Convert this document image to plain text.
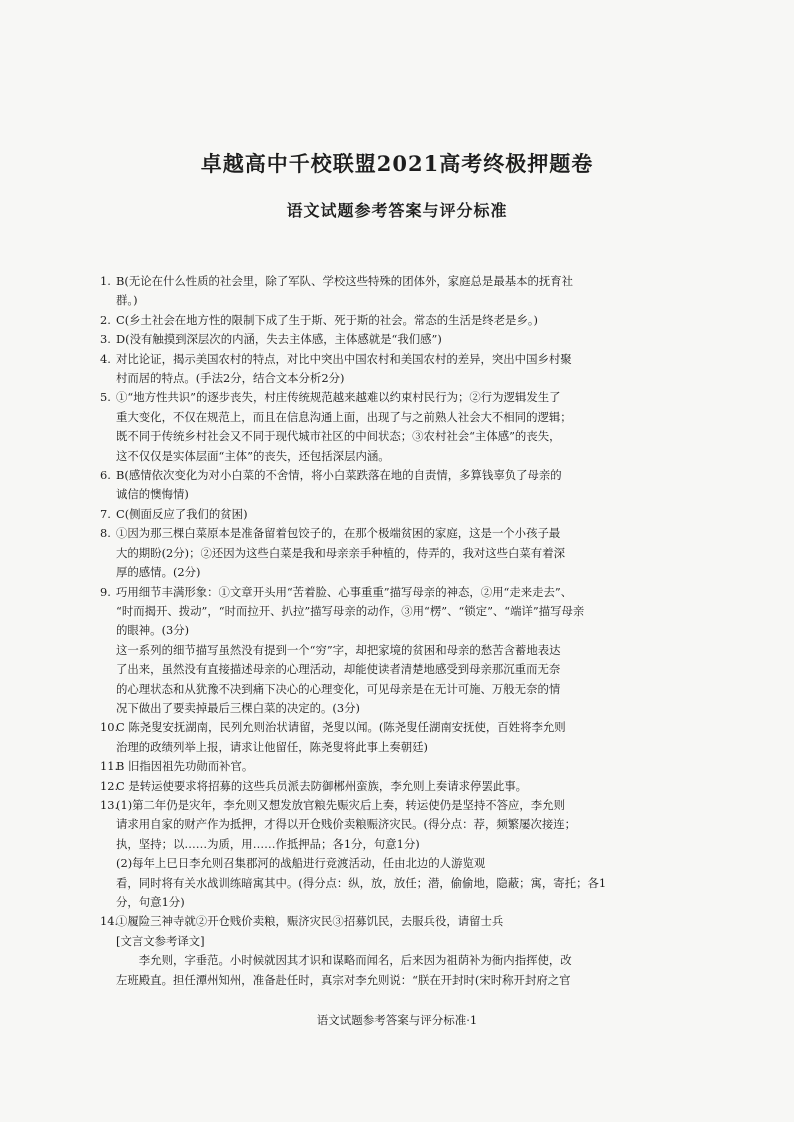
卓越高中千校联盟2021高考终极押题卷
语文试题参考答案与评分标准
1. B(无论在什么性质的社会里，除了军队、学校这些特殊的团体外，家庭总是最基本的抚育社
群。)
2. C(乡土社会在地方性的限制下成了生于斯、死于斯的社会。常态的生活是终老是乡。)
3. D(没有触摸到深层次的内涵，失去主体感，主体感就是“我们感”)
4. 对比论证，揭示美国农村的特点，对比中突出中国农村和美国农村的差异，突出中国乡村聚
村而居的特点。(手法2分，结合文本分析2分)
5. ①“地方性共识”的逐步丧失，村庄传统规范越来越难以约束村民行为；②行为逻辑发生了
重大变化，不仅在规范上，而且在信息沟通上面，出现了与之前熟人社会大不相同的逻辑；
既不同于传统乡村社会又不同于现代城市社区的中间状态；③农村社会“主体感”的丧失，
这不仅仅是实体层面“主体”的丧失，还包括深层内涵。
6. B(感情依次变化为对小白菜的不舍情，将小白菜跌落在地的自责情，多算钱辜负了母亲的
诚信的懊悔情)
7. C(侧面反应了我们的贫困)
8. ①因为那三棵白菜原本是准备留着包饺子的，在那个极端贫困的家庭，这是一个小孩子最
大的期盼(2分)；②还因为这些白菜是我和母亲亲手种植的，侍弄的，我对这些白菜有着深
厚的感情。(2分)
9. 巧用细节丰满形象：①文章开头用“苦着脸、心事重重”描写母亲的神态，②用“走来走去”、
“时而揭开、拨动”，“时而拉开、扒拉”描写母亲的动作，③用“楞”、“锁定”、“端详”描写母亲
的眼神。(3分)
这一系列的细节描写虽然没有提到一个“穷”字，却把家境的贫困和母亲的愁苦含蓄地表达
了出来，虽然没有直接描述母亲的心理活动，却能使读者清楚地感受到母亲那沉重而无奈
的心理状态和从犹豫不决到痛下决心的心理变化，可见母亲是在无计可施、万般无奈的情
况下做出了要卖掉最后三棵白菜的决定的。(3分)
10.
C 陈尧叟安抚湖南，民列允则治状请留，尧叟以闻。(陈尧叟任湖南安抚使，百姓将李允则
治理的政绩列举上报，请求让他留任，陈尧叟将此事上奏朝廷)
11.
B 旧指因祖先功勋而补官。
12.
C 是转运使要求将招募的这些兵员派去防御郴州蛮族，李允则上奏请求停罢此事。
13.
(1)第二年仍是灾年，李允则又想发放官粮先赈灾后上奏，转运使仍是坚持不答应，李允则
请求用自家的财产作为抵押，才得以开仓贱价卖粮赈济灾民。(得分点：荐，频繁屡次接连；
执，坚持；以……为质，用……作抵押品；各1分，句意1分)
(2)每年上巳日李允则召集郡河的战船进行竞渡活动，任由北边的人游览观
看，同时将有关水战训练暗寓其中。(得分点：纵，放，放任；潜，偷偷地，隐蔽；寓，寄托；各1
分，句意1分)
14.
①履险三神寺就②开仓贱价卖粮，赈济灾民③招募饥民，去服兵役，请留士兵
[文言文参考译文]
李允则，字垂范。小时候就因其才识和谋略而闻名，后来因为祖荫补为衙内指挥使，改
左班殿直。担任潭州知州，准备赴任时，真宗对李允则说：“朕在开封时(宋时称开封府之官
语文试题参考答案与评分标准·1
